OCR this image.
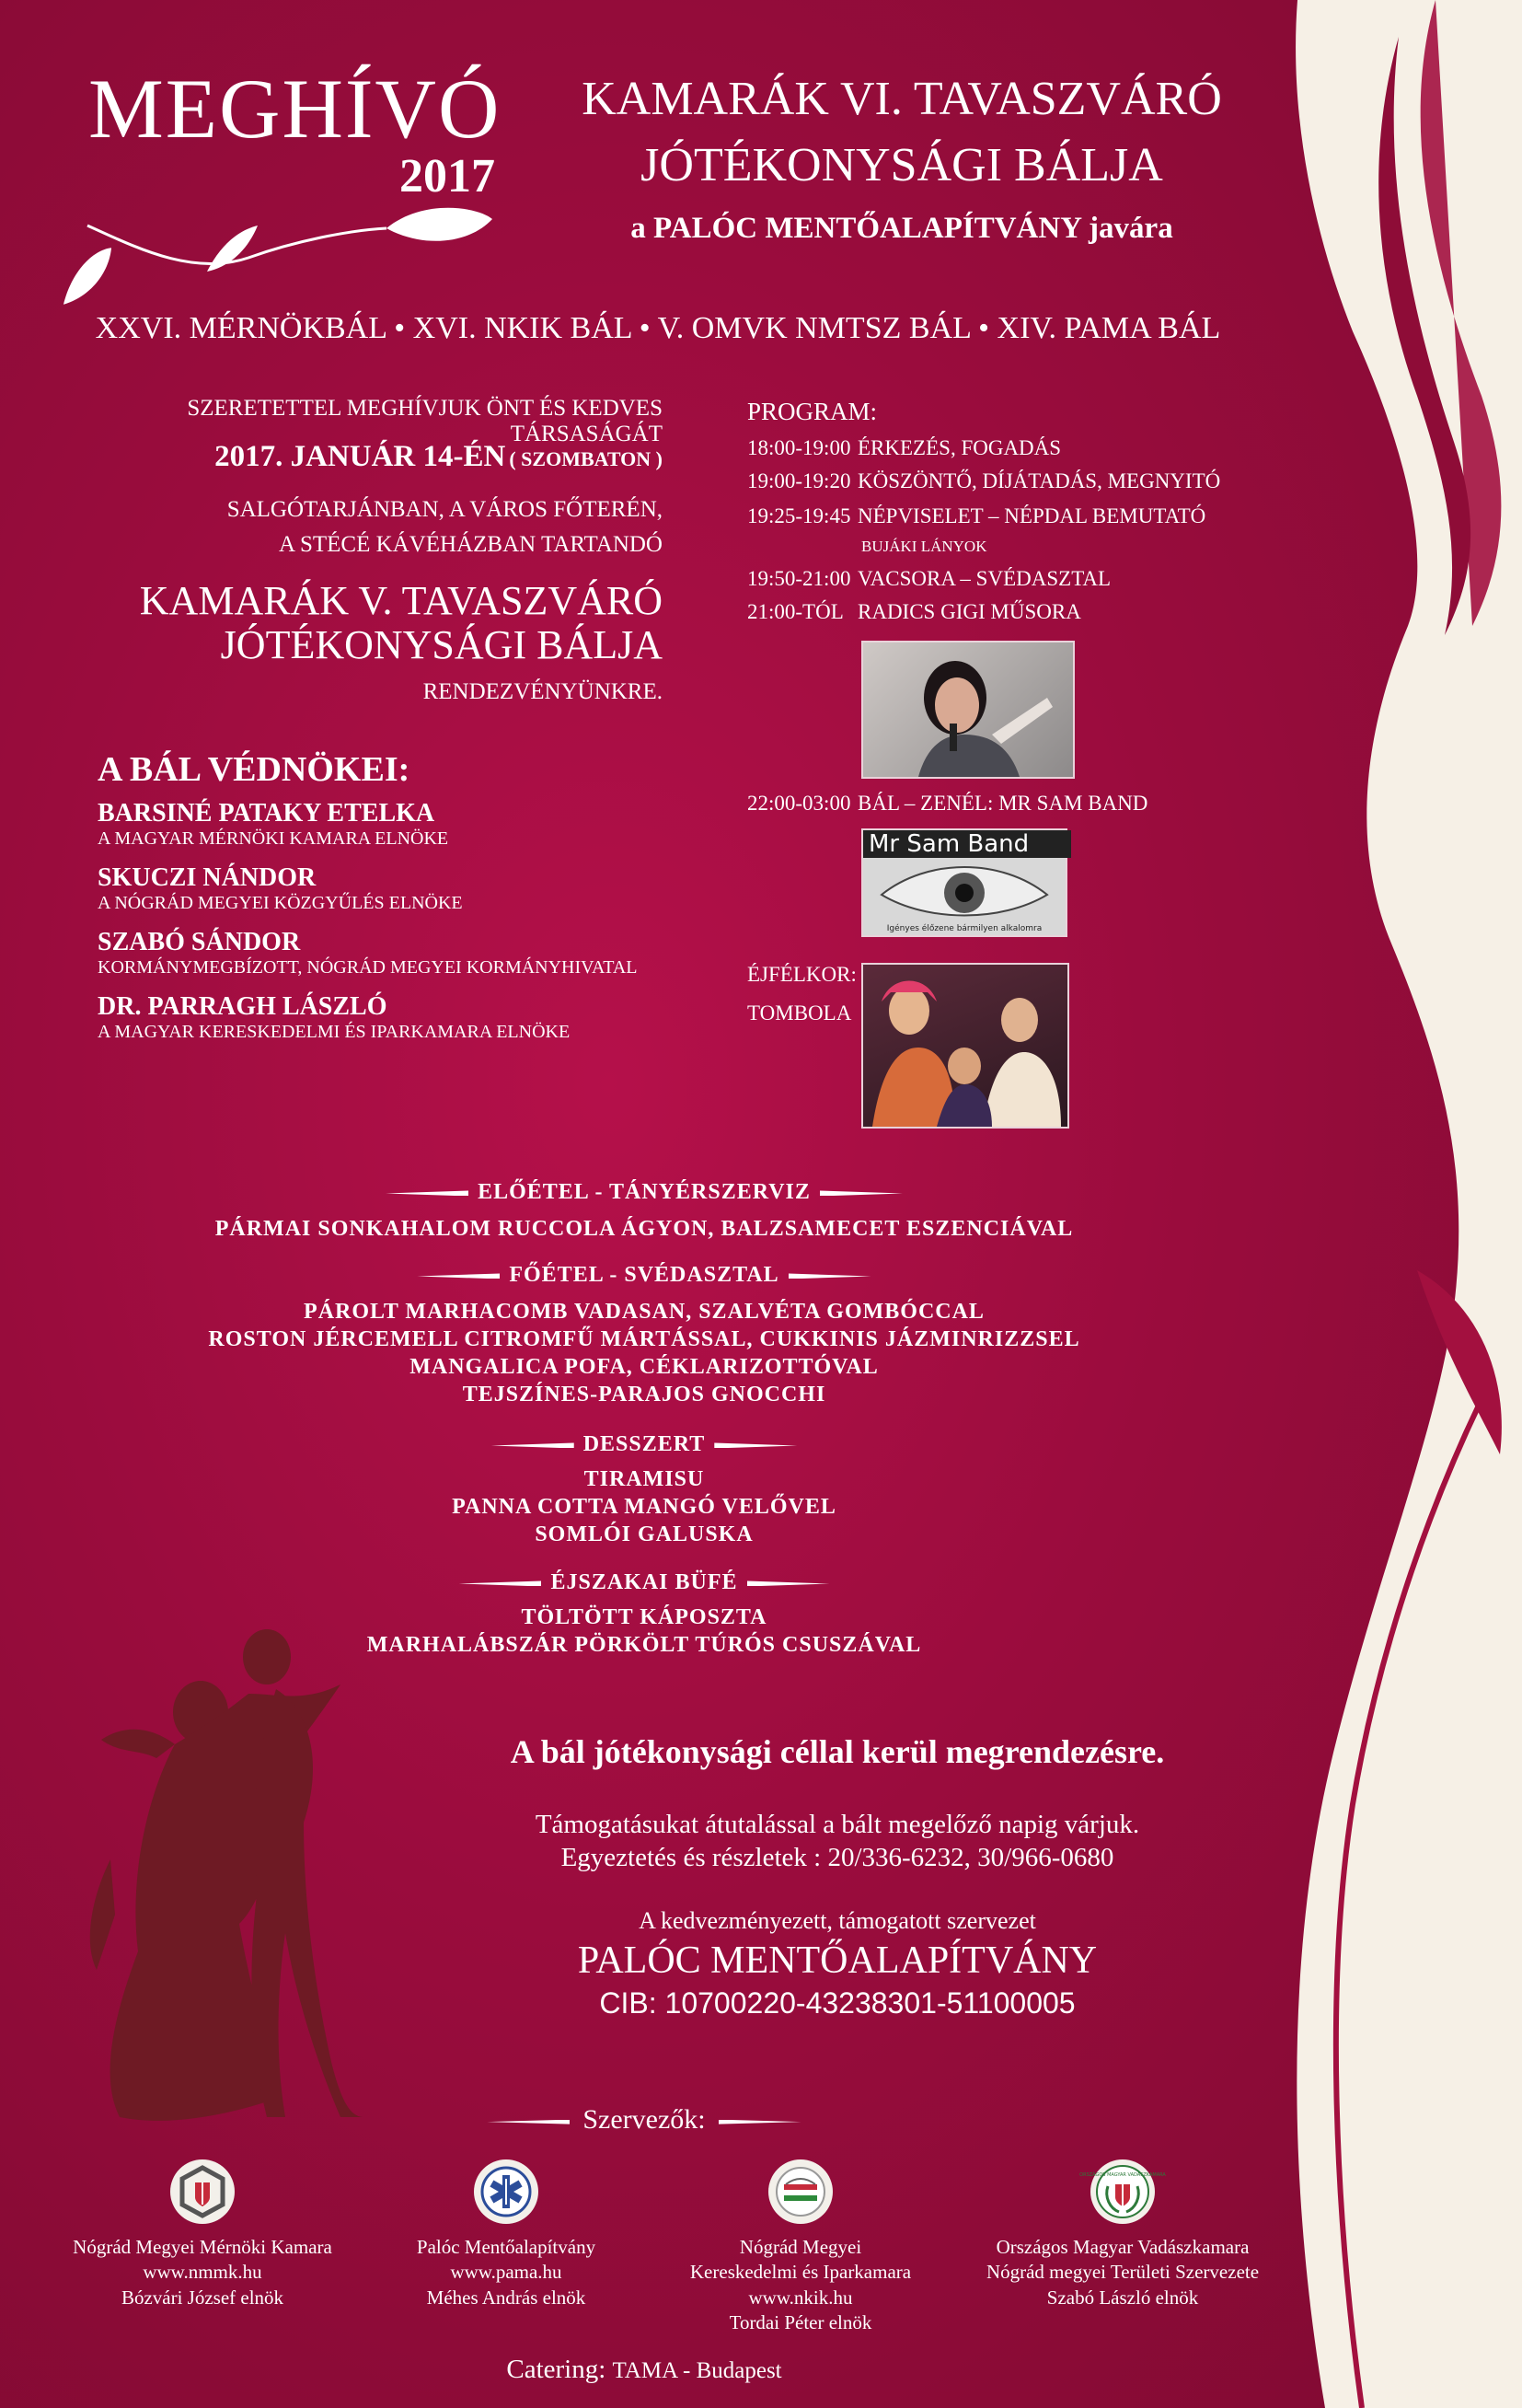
MEGHÍVÓ
2017
KAMARÁK VI. TAVASZVÁRÓ
JÓTÉKONYSÁGI BÁLJA
a PALÓC MENTŐALAPÍTVÁNY javára
XXVI. MÉRNÖKBÁL • XVI. NKIK BÁL • V. OMVK NMTSZ BÁL • XIV. PAMA BÁL
SZERETETTEL MEGHÍVJUK ÖNT ÉS KEDVES TÁRSASÁGÁT
2017. JANUÁR 14-ÉN ( SZOMBATON )
SALGÓTARJÁNBAN, A VÁROS FŐTERÉN,
A STÉCÉ KÁVÉHÁZBAN TARTANDÓ
KAMARÁK V. TAVASZVÁRÓ
JÓTÉKONYSÁGI BÁLJA
RENDEZVÉNYÜNKRE.
A BÁL VÉDNÖKEI:
BARSINÉ PATAKY ETELKA
A MAGYAR MÉRNÖKI KAMARA ELNÖKE
SKUCZI NÁNDOR
A NÓGRÁD MEGYEI KÖZGYŰLÉS ELNÖKE
SZABÓ SÁNDOR
KORMÁNYMEGBÍZOTT, NÓGRÁD MEGYEI KORMÁNYHIVATAL
DR. PARRAGH LÁSZLÓ
A MAGYAR KERESKEDELMI ÉS IPARKAMARA ELNÖKE
PROGRAM:
18:00-19:00 ÉRKEZÉS, FOGADÁS
19:00-19:20 KÖSZÖNTŐ, DÍJÁTADÁS, MEGNYITÓ
19:25-19:45 NÉPVISELET – NÉPDAL BEMUTATÓ
BUJÁKI LÁNYOK
19:50-21:00 VACSORA – SVÉDASZTAL
21:00-TÓL RADICS GIGI MŰSORA
22:00-03:00 BÁL – ZENÉL: MR SAM BAND
Mr Sam Band
Igényes élőzene bármilyen alkalomra
ÉJFÉLKOR:
TOMBOLA
ELŐÉTEL - TÁNYÉRSZERVIZ
PÁRMAI SONKAHALOM RUCCOLA ÁGYON, BALZSAMECET ESZENCIÁVAL
FŐÉTEL - SVÉDASZTAL
PÁROLT MARHACOMB VADASAN, SZALVÉTA GOMBÓCCAL
ROSTON JÉRCEMELL CITROMFŰ MÁRTÁSSAL, CUKKINIS JÁZMINRIZZSEL
MANGALICA POFA, CÉKLARIZOTTÓVAL
TEJSZÍNES-PARAJOS GNOCCHI
DESSZERT
TIRAMISU
PANNA COTTA MANGÓ VELŐVEL
SOMLÓI GALUSKA
ÉJSZAKAI BÜFÉ
TÖLTÖTT KÁPOSZTA
MARHALÁBSZÁR PÖRKÖLT TÚRÓS CSUSZÁVAL
A bál jótékonysági céllal kerül megrendezésre.
Támogatásukat átutalással a bált megelőző napig várjuk.
Egyeztetés és részletek : 20/336-6232, 30/966-0680
A kedvezményezett, támogatott szervezet
PALÓC MENTŐALAPÍTVÁNY
CIB: 10700220-43238301-51100005
Szervezők:
Nógrád Megyei Mérnöki Kamara
www.nmmk.hu
Bózvári József elnök
Palóc Mentőalapítvány
www.pama.hu
Méhes András elnök
Nógrád Megyei
Kereskedelmi és Iparkamara
www.nkik.hu
Tordai Péter elnök
ORSZÁGOS MAGYAR VADÁSZKAMARA
Országos Magyar Vadászkamara
Nógrád megyei Területi Szervezete
Szabó László elnök
Catering: TAMA - Budapest
